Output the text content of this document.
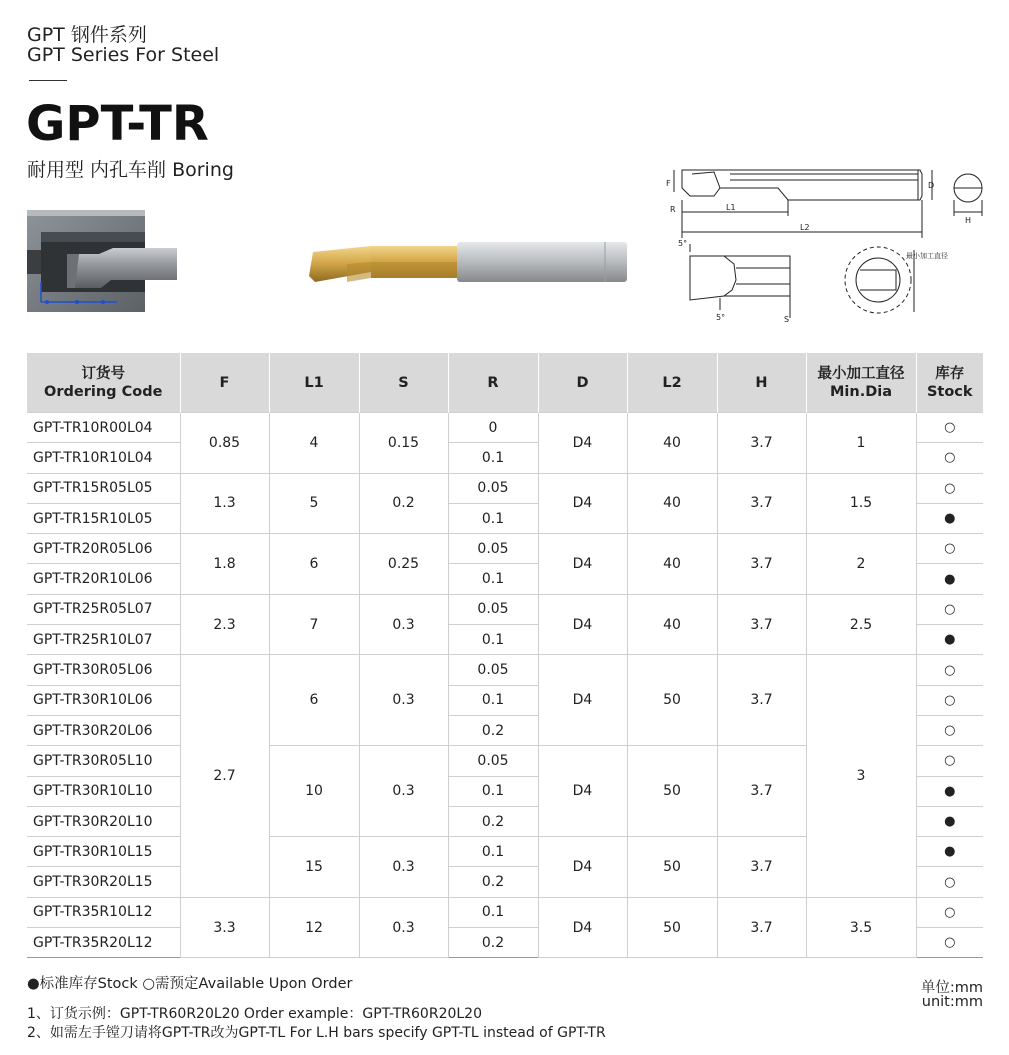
GPT 钢件系列
GPT Series For Steel
GPT-TR
耐用型 内孔车削 Boring
F
R	L1
L2
D
H
5°
5°	S
最小加工直径
订货号
Ordering Code	F	L1	S	R	D	L2	H	最小加工直径
Min.Dia	库存
Stock
GPT-TR10R00L04	0.85	4	0.15	0	D4	40	3.7	1	○
GPT-TR10R10L04				0.1					○
GPT-TR15R05L05	1.3	5	0.2	0.05	D4	40	3.7	1.5	○
GPT-TR15R10L05				0.1					●
GPT-TR20R05L06	1.8	6	0.25	0.05	D4	40	3.7	2	○
GPT-TR20R10L06				0.1					●
GPT-TR25R05L07	2.3	7	0.3	0.05	D4	40	3.7	2.5	○
GPT-TR25R10L07				0.1					●
GPT-TR30R05L06	2.7	6	0.3	0.05	D4	50	3.7	3	○
GPT-TR30R10L06				0.1					○
GPT-TR30R20L06				0.2					○
GPT-TR30R05L10		10	0.3	0.05	D4	50	3.7		○
GPT-TR30R10L10				0.1					●
GPT-TR30R20L10				0.2					●
GPT-TR30R10L15		15	0.3	0.1	D4	50	3.7		●
GPT-TR30R20L15				0.2					○
GPT-TR35R10L12	3.3	12	0.3	0.1	D4	50	3.7	3.5	○
GPT-TR35R20L12				0.2					○
●标准库存Stock ○需预定Available Upon Order	单位:mm
unit:mm
1、订货示例：GPT-TR60R20L20 Order example：GPT-TR60R20L20
2、如需左手镗刀请将GPT-TR改为GPT-TL For L.H bars specify GPT-TL instead of GPT-TR
